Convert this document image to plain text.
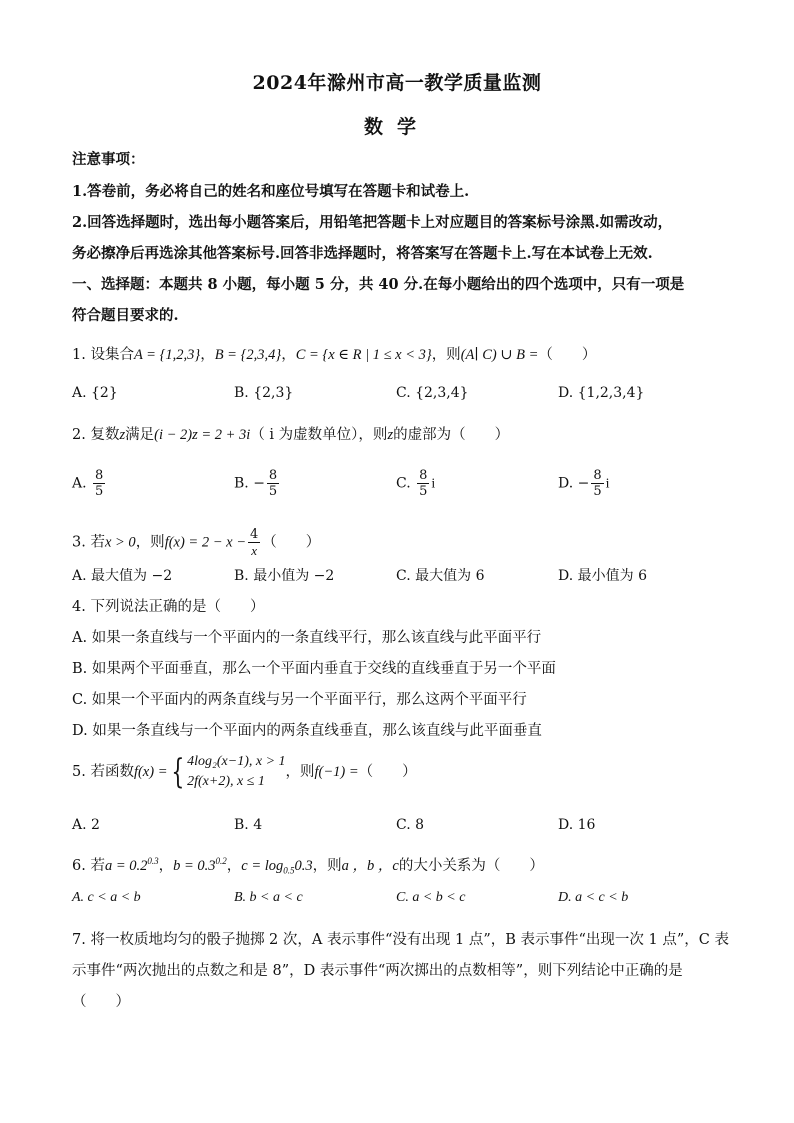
2024年滁州市高一教学质量监测
数学
注意事项：
1.答卷前，务必将自己的姓名和座位号填写在答题卡和试卷上.
2.回答选择题时，选出每小题答案后，用铅笔把答题卡上对应题目的答案标号涂黑.如需改动，
务必擦净后再选涂其他答案标号.回答非选择题时，将答案写在答题卡上.写在本试卷上无效.
一、选择题：本题共 8 小题，每小题 5 分，共 40 分.在每小题给出的四个选项中，只有一项是
符合题目要求的.
1. 设集合A = {1,2,3}，B = {2,3,4}，C = {x ∈ R | 1 ≤ x < 3}，则(A∣ C) ∪ B =（　　）
A. {2}	B. {2,3}	C. {2,3,4}	D. {1,2,3,4}
2. 复数z满足(i − 2)z = 2 + 3i（ i 为虚数单位），则z的虚部为（　　）
A. $\frac{8}{5}$	B. − $\frac{8}{5}$	C. $\frac{8}{5}$ i	D. − $\frac{8}{5}$ i
3. 若x > 0，则$f(x) = 2 - x - \frac{4}{x}$ （　　）
A. 最大值为 −2	B. 最小值为 −2	C. 最大值为 6	D. 最小值为 6
4. 下列说法正确的是（　　）
A. 如果一条直线与一个平面内的一条直线平行，那么该直线与此平面平行
B. 如果两个平面垂直，那么一个平面内垂直于交线的直线垂直于另一个平面
C. 如果一个平面内的两条直线与另一个平面平行，那么这两个平面平行
D. 如果一条直线与一个平面内的两条直线垂直，那么该直线与此平面垂直
5. 若函数f(x) = { 4log₂(x−1), x > 1
2f(x+2), x ≤ 1
，则f(−1) =（　　）
A. 2	B. 4	C. 8	D. 16
6. 若$a = 0.2^{0.3}$，$b = 0.3^{0.2}$，$c = \log_{0.5}0.3$，则a ，b ，c的大小关系为（　　）
A. c < a < b	B. b < a < c	C. a < b < c	D. a < c < b
7. 将一枚质地均匀的骰子抛掷 2 次，A 表示事件“没有出现 1 点”，B 表示事件“出现一次 1 点”，C 表
示事件“两次抛出的点数之和是 8”，D 表示事件“两次掷出的点数相等”，则下列结论中正确的是
（　　）
